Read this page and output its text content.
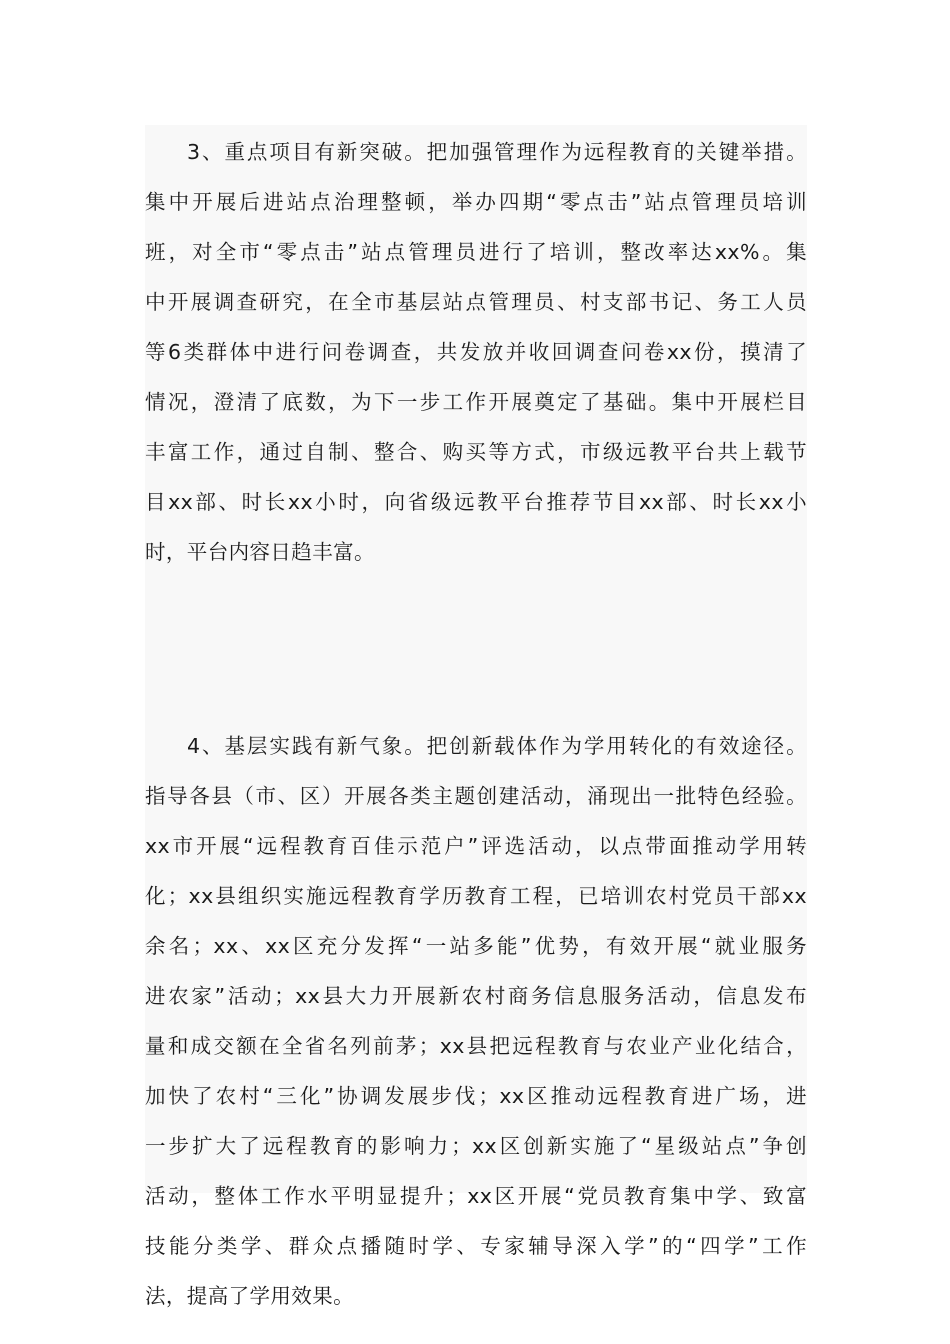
3、重点项目有新突破。把加强管理作为远程教育的关键举措。
集中开展后进站点治理整顿，举办四期“零点击”站点管理员培训
班，对全市“零点击”站点管理员进行了培训，整改率达xx%。集
中开展调查研究，在全市基层站点管理员、村支部书记、务工人员
等6类群体中进行问卷调查，共发放并收回调查问卷xx份，摸清了
情况，澄清了底数，为下一步工作开展奠定了基础。集中开展栏目
丰富工作，通过自制、整合、购买等方式，市级远教平台共上载节
目xx部、时长xx小时，向省级远教平台推荐节目xx部、时长xx小
时，平台内容日趋丰富。
4、基层实践有新气象。把创新载体作为学用转化的有效途径。
指导各县（市、区）开展各类主题创建活动，涌现出一批特色经验。
xx市开展“远程教育百佳示范户”评选活动，以点带面推动学用转
化；xx县组织实施远程教育学历教育工程，已培训农村党员干部xx
余名；xx、xx区充分发挥“一站多能”优势，有效开展“就业服务
进农家”活动；xx县大力开展新农村商务信息服务活动，信息发布
量和成交额在全省名列前茅；xx县把远程教育与农业产业化结合，
加快了农村“三化”协调发展步伐；xx区推动远程教育进广场，进
一步扩大了远程教育的影响力；xx区创新实施了“星级站点”争创
活动，整体工作水平明显提升；xx区开展“党员教育集中学、致富
技能分类学、群众点播随时学、专家辅导深入学”的“四学”工作
法，提高了学用效果。
